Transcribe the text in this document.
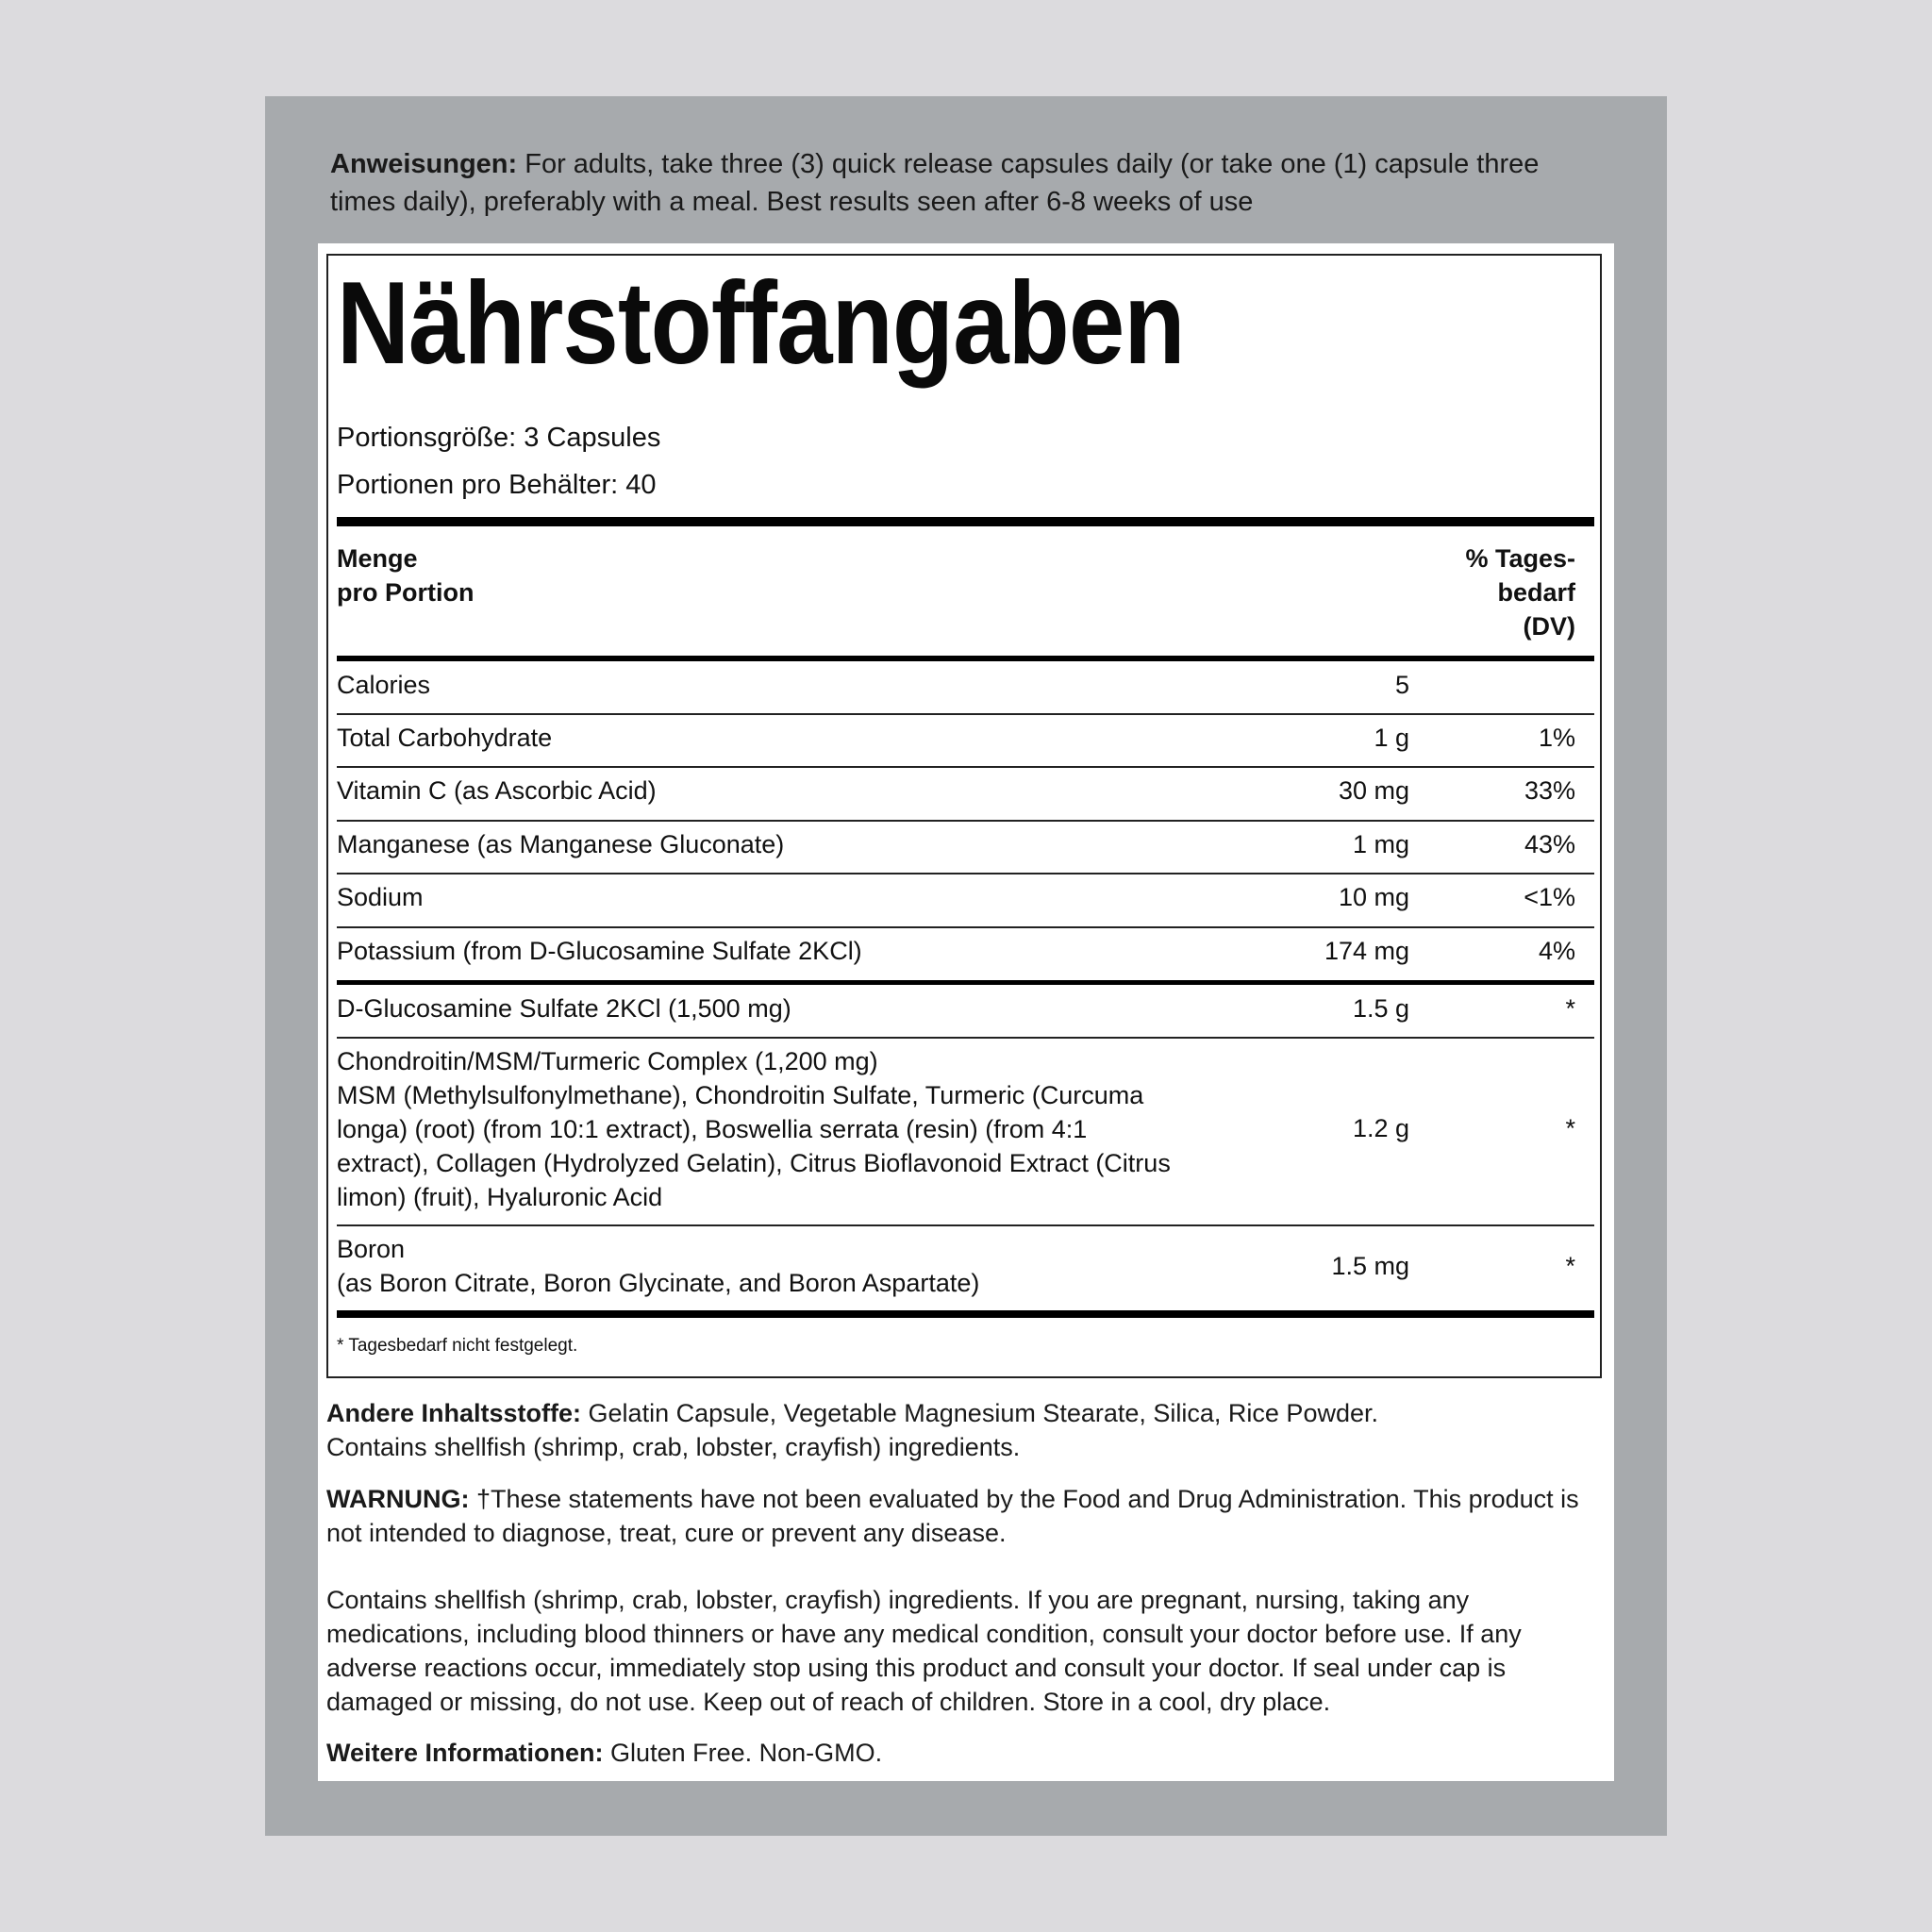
Anweisungen: For adults, take three (3) quick release capsules daily (or take one (1) capsule three times daily), preferably with a meal. Best results seen after 6-8 weeks of use
Nährstoffangaben
Portionsgröße: 3 Capsules
Portionen pro Behälter: 40
Menge
pro Portion
% Tages-
bedarf
(DV)
Calories	5
Total Carbohydrate	1 g	1%
Vitamin C (as Ascorbic Acid)	30 mg	33%
Manganese (as Manganese Gluconate)	1 mg	43%
Sodium	10 mg	<1%
Potassium (from D-Glucosamine Sulfate 2KCl)	174 mg	4%
D-Glucosamine Sulfate 2KCl (1,500 mg)	1.5 g	*
Chondroitin/MSM/Turmeric Complex (1,200 mg)
MSM (Methylsulfonylmethane), Chondroitin Sulfate, Turmeric (Curcuma longa) (root) (from 10:1 extract), Boswellia serrata (resin) (from 4:1 extract), Collagen (Hydrolyzed Gelatin), Citrus Bioflavonoid Extract (Citrus limon) (fruit), Hyaluronic Acid
1.2 g	*
Boron
(as Boron Citrate, Boron Glycinate, and Boron Aspartate)
1.5 mg	*
* Tagesbedarf nicht festgelegt.
Andere Inhaltsstoffe: Gelatin Capsule, Vegetable Magnesium Stearate, Silica, Rice Powder.
Contains shellfish (shrimp, crab, lobster, crayfish) ingredients.
WARNUNG: †These statements have not been evaluated by the Food and Drug Administration. This product is not intended to diagnose, treat, cure or prevent any disease.
Contains shellfish (shrimp, crab, lobster, crayfish) ingredients. If you are pregnant, nursing, taking any medications, including blood thinners or have any medical condition, consult your doctor before use. If any adverse reactions occur, immediately stop using this product and consult your doctor. If seal under cap is damaged or missing, do not use. Keep out of reach of children. Store in a cool, dry place.
Weitere Informationen: Gluten Free. Non-GMO.
